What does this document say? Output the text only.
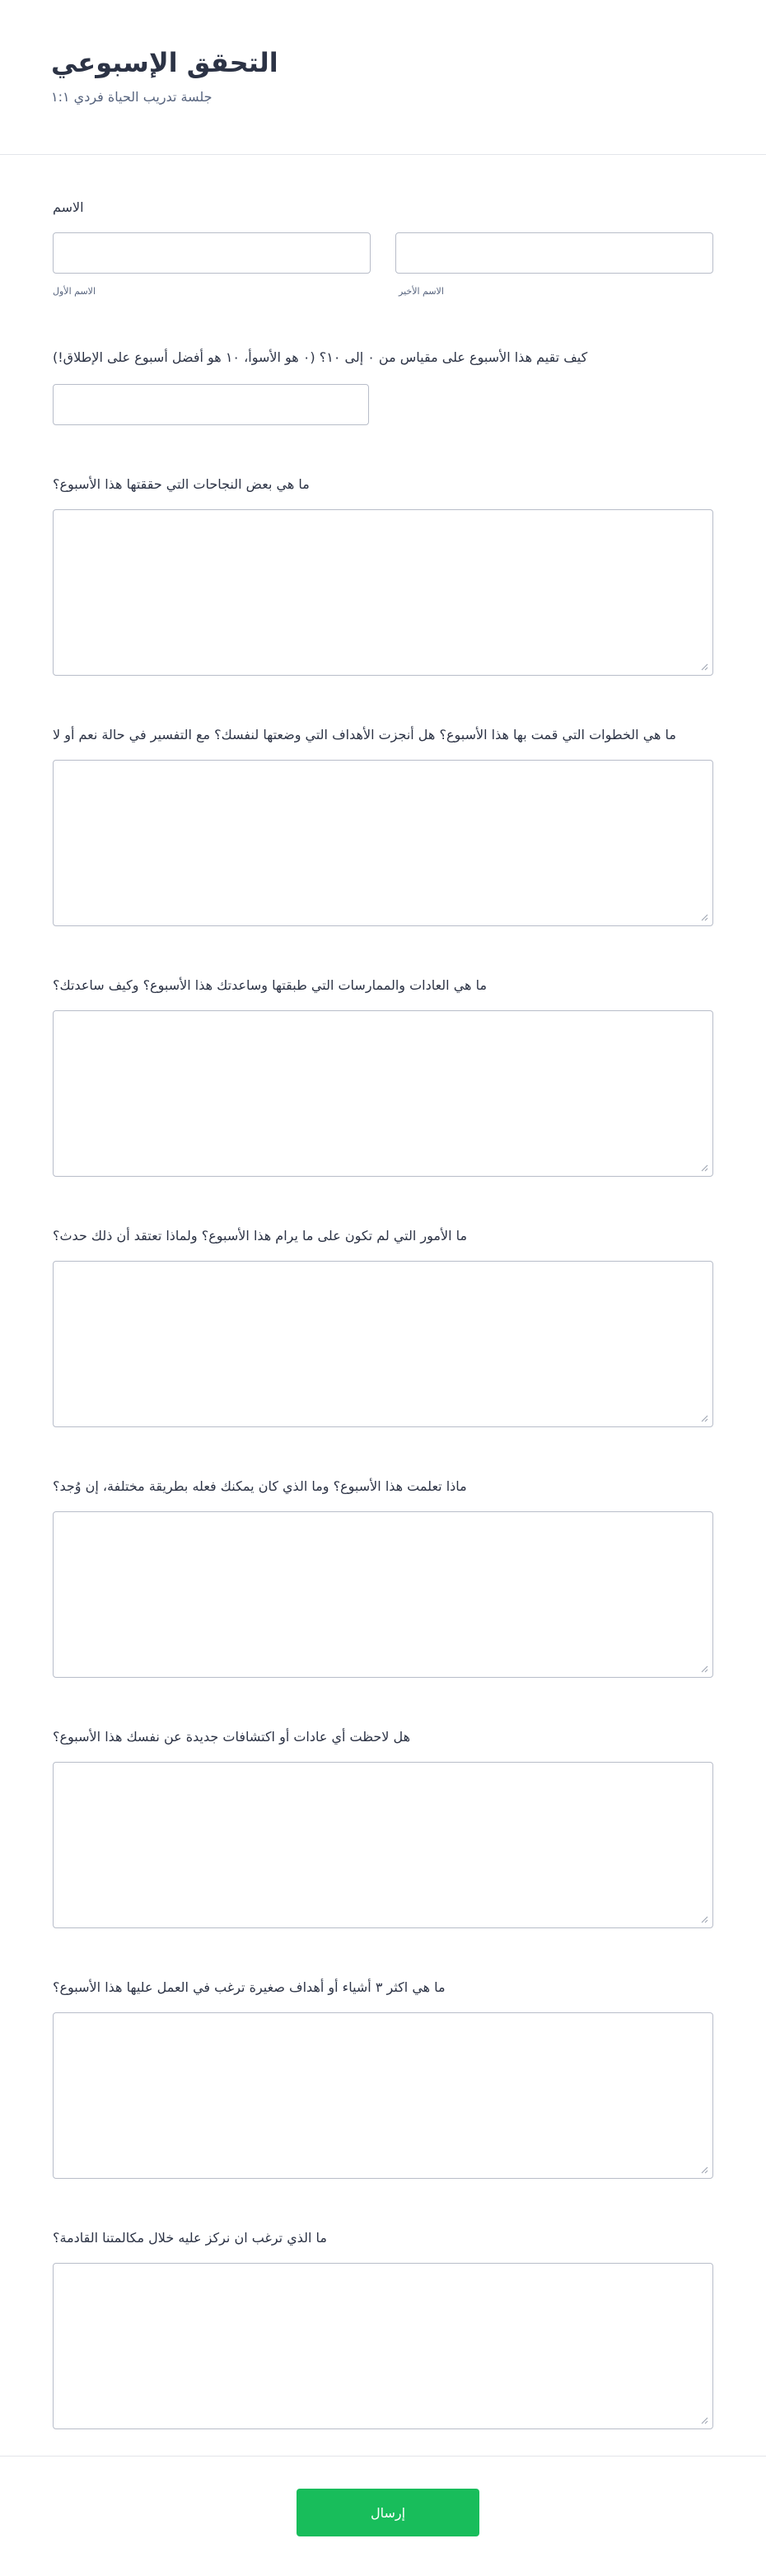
التحقق الإسبوعي
جلسة تدريب الحياة فردي ١:١
الاسم
الاسم الأول	الاسم الأخير
كيف تقيم هذا الأسبوع على مقياس من ٠ إلى ١٠؟ (٠ هو الأسوأ، ١٠ هو أفضل أسبوع على الإطلاق!)
ما هي بعض النجاحات التي حققتها هذا الأسبوع؟
ما هي الخطوات التي قمت بها هذا الأسبوع؟ هل أنجزت الأهداف التي وضعتها لنفسك؟ مع التفسير في حالة نعم أو لا
ما هي العادات والممارسات التي طبقتها وساعدتك هذا الأسبوع؟ وكيف ساعدتك؟
ما الأمور التي لم تكون على ما يرام هذا الأسبوع؟ ولماذا تعتقد أن ذلك حدث؟
ماذا تعلمت هذا الأسبوع؟ وما الذي كان يمكنك فعله بطريقة مختلفة، إن وُجد؟
هل لاحظت أي عادات أو اكتشافات جديدة عن نفسك هذا الأسبوع؟
ما هي اكثر ٣ أشياء أو أهداف صغيرة ترغب في العمل عليها هذا الأسبوع؟
ما الذي ترغب ان نركز عليه خلال مكالمتنا القادمة؟
إرسال
